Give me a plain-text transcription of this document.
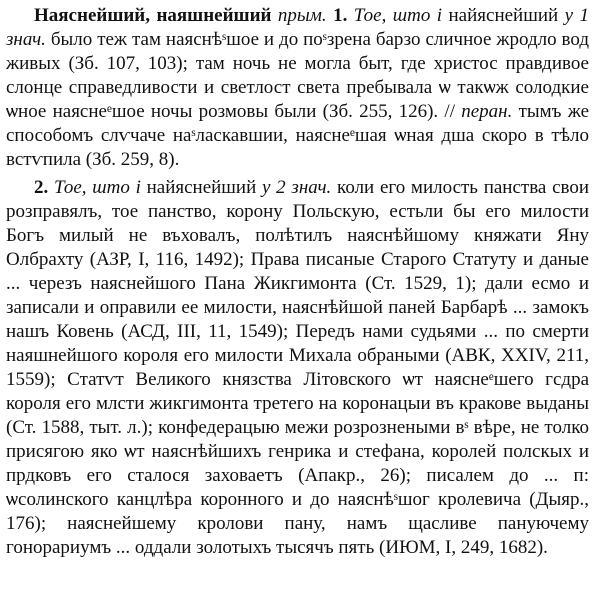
Наяснейший, наяшнейший прым. 1. Тое, што і найяснейший у 1 знач. было теж там наяснѣˢшое и до поˢзрена барзо сличное жродло вод живых (Зб. 107, 103); там ночь не могла быт, где христос правдивое слонце справедливости и светлост света пребывала ѡ такѡж солодкие ѡное наяснеᵉшое ночы розмовы были (Зб. 255, 126). // перан. тымъ же способомъ слѵчаче наˢласкавшии, наяснеᵉшая ѡная дша скоро в тѣло встѵпила (Зб. 259, 8).

2. Тое, што і найяснейший у 2 знач. коли его милость панства свои розправялъ, тое панство, корону Польскую, естьли бы его милости Богъ милый не въховалъ, полѣтилъ наяснѣйшому княжати Яну Олбрахту (АЗР, I, 116, 1492); Права писаные Старого Статуту и даные ... черезъ наяснейшого Пана Жикгимонта (Ст. 1529, 1); дали есмо и записали и оправили ее милости, наяснѣйшой паней Барбарѣ ... замокъ нашъ Ковень (АСД, III, 11, 1549); Передъ нами судьями ... по смерти наяшнейшого короля его милости Михала обраными (АВК, XXIV, 211, 1559); Статѵт Великого князства Літовского ѡт наяснеᵉшего гсдра короля его млсти жикгимонта третего на коронацыи въ кракове выданы (Ст. 1588, тыт. л.); конфедерацыю межи розрознеными вˢ вѣре, не толко присягою яко ѡт наяснѣйшихъ генрика и стефана, королей полскых и прдковъ его сталося заховаетъ (Апакр., 26); писалем до ... п: ѡсолинского канцлѣра коронного и до наяснѣˢшог кролевича (Дыяр., 176); наяснейшему кролови пану, намъ щасливе пануючему гонорариумъ ... оддали золотыхъ тысячъ пять (ИЮМ, I, 249, 1682).
